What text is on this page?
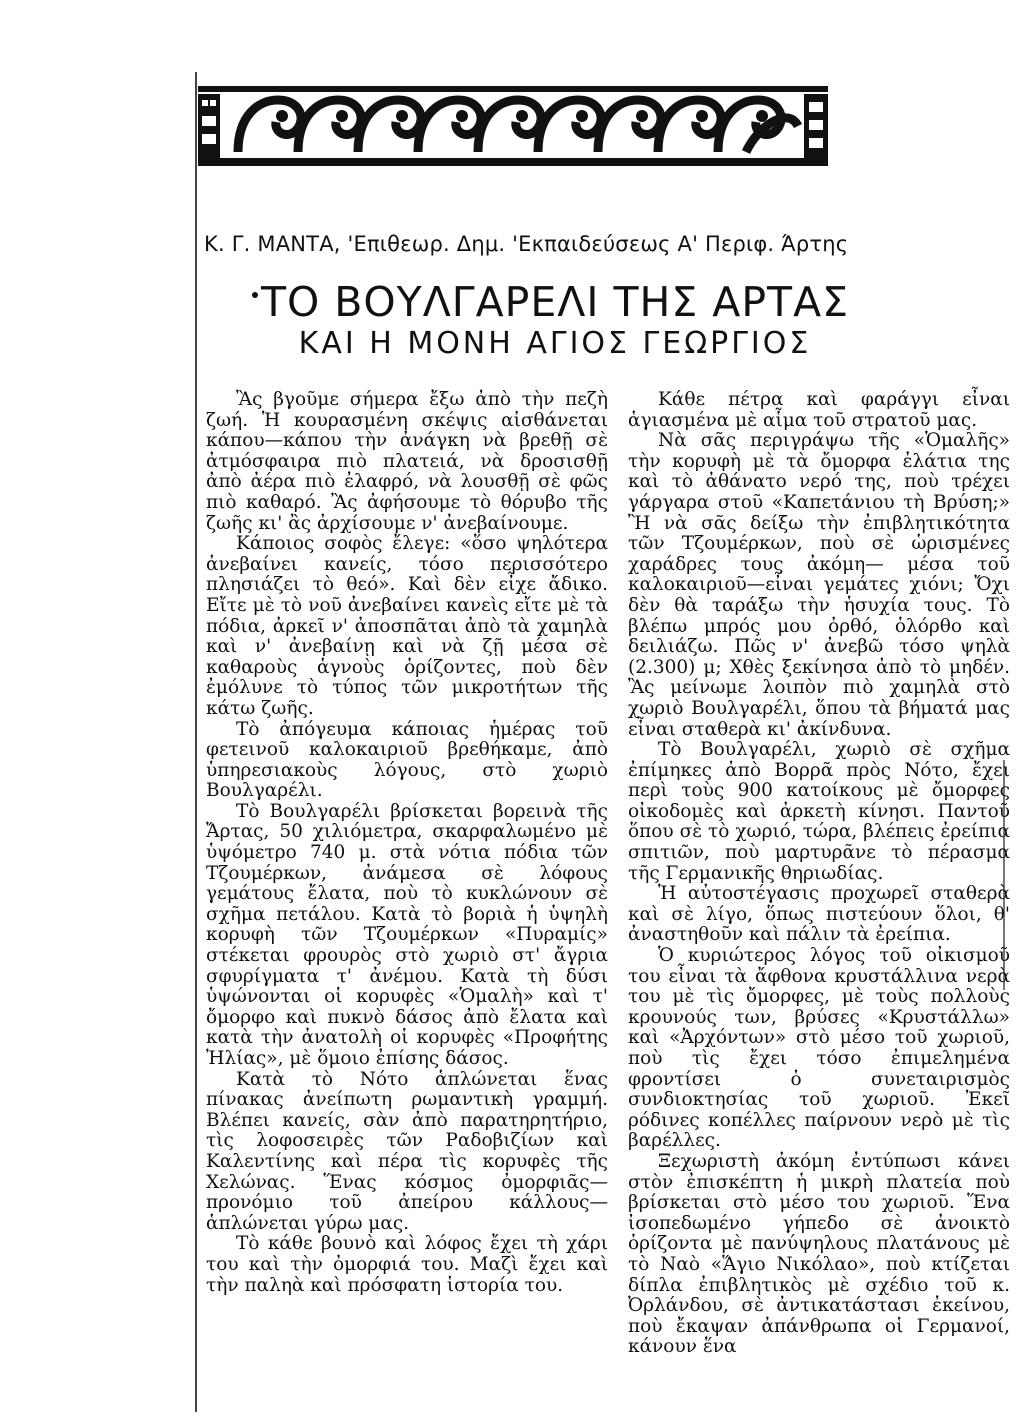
Κ. Γ. ΜΑΝΤΑ, 'Επιθεωρ. Δημ. 'Εκπαιδεύσεως Α' Περιφ. Άρτης
ΤΟ ΒΟΥΛΓΑΡΕΛΙ ΤΗΣ ΑΡΤΑΣ
ΚΑΙ Η ΜΟΝΗ ΑΓΙΟΣ ΓΕΩΡΓΙΟΣ

Ἂς βγοῦμε σήμερα ἔξω ἀπὸ τὴν πεζὴ ζωή. Ἡ κουρασμένη σκέψις αἰσθάνεται κάπου—κάπου τὴν ἀνάγκη νὰ βρεθῇ σὲ ἀτμόσφαιρα πιὸ πλατειά, νὰ δροσισθῇ ἀπὸ ἀέρα πιὸ ἐλαφρό, νὰ λουσθῇ σὲ φῶς πιὸ καθαρό. Ἂς ἀφήσουμε τὸ θόρυβο τῆς ζωῆς κι' ἂς ἀρχίσουμε ν' ἀνεβαίνουμε.

Κάποιος σοφὸς ἔλεγε: «ὅσο ψηλότερα ἀνεβαίνει κανείς, τόσο περισσότερο πλησιάζει τὸ θεό». Καὶ δὲν εἶχε ἄδικο. Εἴτε μὲ τὸ νοῦ ἀνεβαίνει κανεὶς εἴτε μὲ τὰ πόδια, ἀρκεῖ ν' ἀποσπᾶται ἀπὸ τὰ χαμηλὰ καὶ ν' ἀνεβαίνῃ καὶ νὰ ζῇ μέσα σὲ καθαροὺς ἁγνοὺς ὁρίζοντες, ποὺ δὲν ἐμόλυνε τὸ τύπος τῶν μικροτήτων τῆς κάτω ζωῆς.

Τὸ ἀπόγευμα κάποιας ἡμέρας τοῦ φετεινοῦ καλοκαιριοῦ βρεθήκαμε, ἀπὸ ὑπηρεσιακοὺς λόγους, στὸ χωριὸ Βουλγαρέλι.

Τὸ Βουλγαρέλι βρίσκεται βορεινὰ τῆς Ἄρτας, 50 χιλιόμετρα, σκαρφαλωμένο μὲ ὑψόμετρο 740 μ. στὰ νότια πόδια τῶν Τζουμέρκων, ἀνάμεσα σὲ λόφους γεμάτους ἔλατα, ποὺ τὸ κυκλώνουν σὲ σχῆμα πετάλου. Κατὰ τὸ βοριὰ ἡ ὑψηλὴ κορυφὴ τῶν Τζουμέρκων «Πυραμίς» στέκεται φρουρὸς στὸ χωριὸ στ' ἄγρια σφυρίγματα τ' ἀνέμου. Κατὰ τὴ δύσι ὑψώνονται οἱ κορυφὲς «Ὁμαλὴ» καὶ τ' ὄμορφο καὶ πυκνὸ δάσος ἀπὸ ἔλατα καὶ κατὰ τὴν ἀνατολὴ οἱ κορυφὲς «Προφήτης Ἠλίας», μὲ ὅμοιο ἐπίσης δάσος.

Κατὰ τὸ Νότο ἁπλώνεται ἕνας πίνακας ἀνείπωτη ρωμαντικὴ γραμμή. Βλέπει κανείς, σὰν ἀπὸ παρατηρητήριο, τὶς λοφοσειρὲς τῶν Ραδοβιζίων καὶ Καλεντίνης καὶ πέρα τὶς κορυφὲς τῆς Χελώνας. Ἕνας κόσμος ὀμορφιᾶς—προνόμιο τοῦ ἀπείρου κάλλους—ἁπλώνεται γύρω μας.

Τὸ κάθε βουνὸ καὶ λόφος ἔχει τὴ χάρι του καὶ τὴν ὀμορφιά του. Μαζὶ ἔχει καὶ τὴν παληὰ καὶ πρόσφατη ἱστορία του.

Κάθε πέτρα καὶ φαράγγι εἶναι ἁγιασμένα μὲ αἷμα τοῦ στρατοῦ μας.

Νὰ σᾶς περιγράψω τῆς «Ὁμαλῆς» τὴν κορυφὴ μὲ τὰ ὄμορφα ἐλάτια της καὶ τὸ ἀθάνατο νερό της, ποὺ τρέχει γάργαρα στοῦ «Καπετάνιου τὴ Βρύση;» Ἢ νὰ σᾶς δείξω τὴν ἐπιβλητικότητα τῶν Τζουμέρκων, ποὺ σὲ ὡρισμένες χαράδρες τους ἀκόμη— μέσα τοῦ καλοκαιριοῦ—εἶναι γεμάτες χιόνι; Ὄχι δὲν θὰ ταράξω τὴν ἡσυχία τους. Τὸ βλέπω μπρός μου ὀρθό, ὁλόρθο καὶ δειλιάζω. Πῶς ν' ἀνεβῶ τόσο ψηλὰ (2.300) μ; Χθὲς ξεκίνησα ἀπὸ τὸ μηδέν. Ἂς μείνωμε λοιπὸν πιὸ χαμηλὰ στὸ χωριὸ Βουλγαρέλι, ὅπου τὰ βήματά μας εἶναι σταθερὰ κι' ἀκίνδυνα.

Τὸ Βουλγαρέλι, χωριὸ σὲ σχῆμα ἐπίμηκες ἀπὸ Βορρᾶ πρὸς Νότο, ἔχει περὶ τοὺς 900 κατοίκους μὲ ὄμορφες οἰκοδομὲς καὶ ἀρκετὴ κίνησι. Παντοῦ ὅπου σὲ τὸ χωριό, τώρα, βλέπεις ἐρείπια σπιτιῶν, ποὺ μαρτυρᾶνε τὸ πέρασμα τῆς Γερμανικῆς θηριωδίας.

Ἡ αὐτοστέγασις προχωρεῖ σταθερὰ καὶ σὲ λίγο, ὅπως πιστεύουν ὅλοι, θ' ἀναστηθοῦν καὶ πάλιν τὰ ἐρείπια.

Ὁ κυριώτερος λόγος τοῦ οἰκισμοῦ του εἶναι τὰ ἄφθονα κρυστάλλινα νερὰ του μὲ τὶς ὄμορφες, μὲ τοὺς πολλοὺς κρουνούς των, βρύσες «Κρυστάλλω» καὶ «Ἀρχόντων» στὸ μέσο τοῦ χωριοῦ, ποὺ τὶς ἔχει τόσο ἐπιμελημένα φροντίσει ὁ συνεταιρισμὸς συνδιοκτησίας τοῦ χωριοῦ. Ἐκεῖ ρόδινες κοπέλλες παίρνουν νερὸ μὲ τὶς βαρέλλες.

Ξεχωριστὴ ἀκόμη ἐντύπωσι κάνει στὸν ἐπισκέπτη ἡ μικρὴ πλατεία ποὺ βρίσκεται στὸ μέσο του χωριοῦ. Ἕνα ἰσοπεδωμένο γήπεδο σὲ ἀνοικτὸ ὁρίζοντα μὲ πανύψηλους πλατάνους μὲ τὸ Ναὸ «Ἅγιο Νικόλαο», ποὺ κτίζεται δίπλα ἐπιβλητικὸς μὲ σχέδιο τοῦ κ. Ὀρλάνδου, σὲ ἀντικατάστασι ἐκείνου, ποὺ ἔκαψαν ἀπάνθρωπα οἱ Γερμανοί, κάνουν ἕνα
